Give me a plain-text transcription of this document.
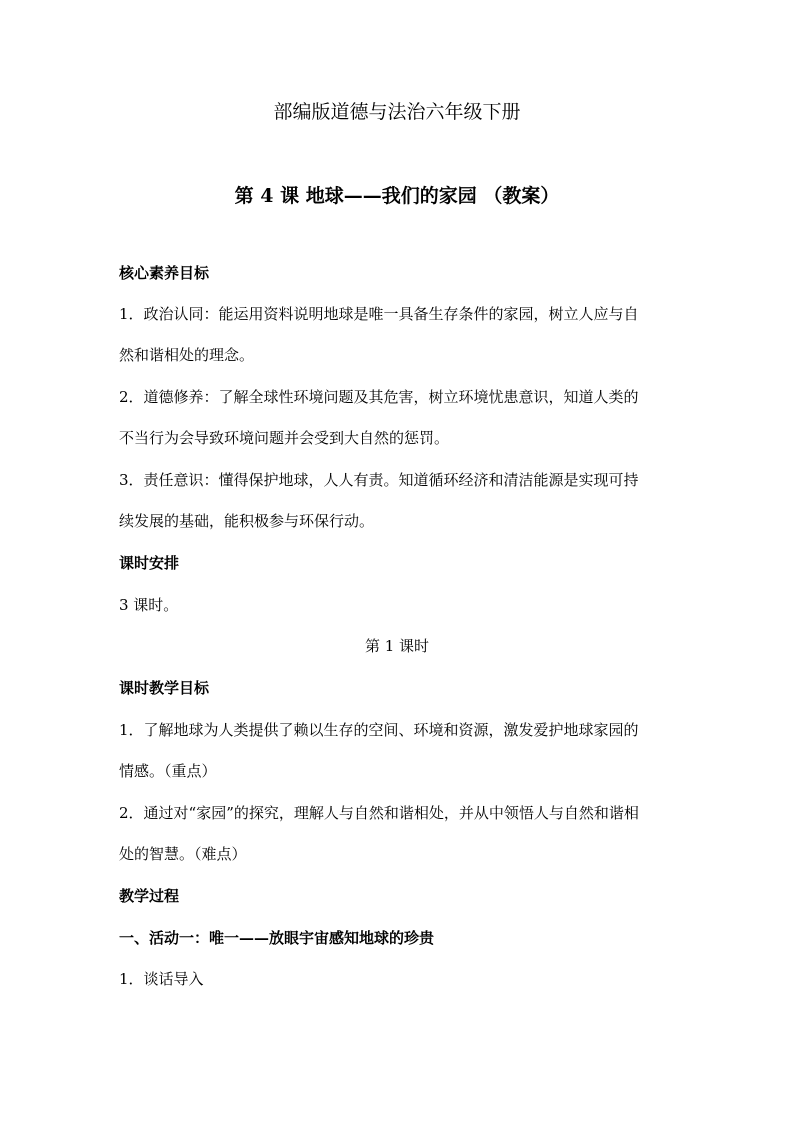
部编版道德与法治六年级下册
第 4 课 地球——我们的家园 （教案）
核心素养目标
1．政治认同：能运用资料说明地球是唯一具备生存条件的家园，树立人应与自
然和谐相处的理念。
2．道德修养：了解全球性环境问题及其危害，树立环境忧患意识，知道人类的
不当行为会导致环境问题并会受到大自然的惩罚。
3．责任意识：懂得保护地球，人人有责。知道循环经济和清洁能源是实现可持
续发展的基础，能积极参与环保行动。
课时安排
3 课时。
第 1 课时
课时教学目标
1．了解地球为人类提供了赖以生存的空间、环境和资源，激发爱护地球家园的
情感。（重点）
2．通过对“家园”的探究，理解人与自然和谐相处，并从中领悟人与自然和谐相
处的智慧。（难点）
教学过程
一、活动一：唯一——放眼宇宙感知地球的珍贵
1．谈话导入
